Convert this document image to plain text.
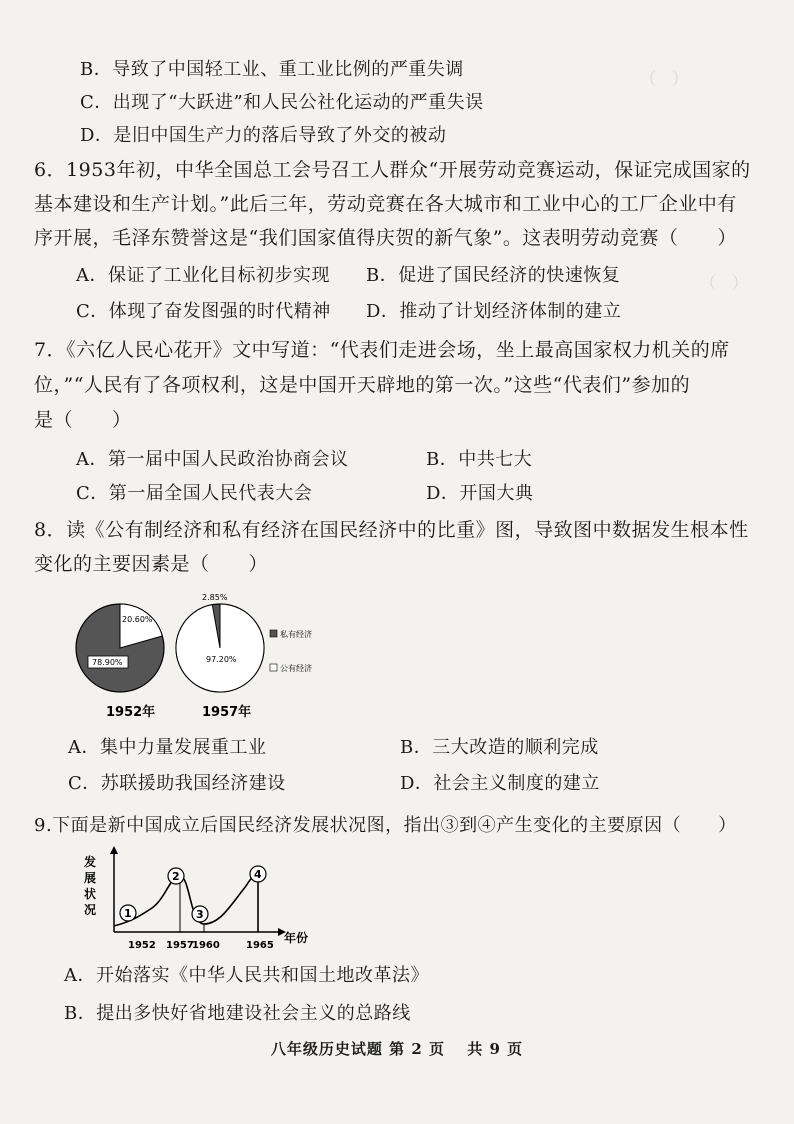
（　）
（　）
B．导致了中国轻工业、重工业比例的严重失调
C．出现了“大跃进”和人民公社化运动的严重失误
D．是旧中国生产力的落后导致了外交的被动
6．1953年初，中华全国总工会号召工人群众“开展劳动竞赛运动，保证完成国家的
基本建设和生产计划。”此后三年，劳动竞赛在各大城市和工业中心的工厂企业中有
序开展，毛泽东赞誉这是“我们国家值得庆贺的新气象”。这表明劳动竞赛（　　）
A．保证了工业化目标初步实现 B．促进了国民经济的快速恢复
C．体现了奋发图强的时代精神 D．推动了计划经济体制的建立
7．《六亿人民心花开》文中写道：“代表们走进会场，坐上最高国家权力机关的席
位，”“人民有了各项权利，这是中国开天辟地的第一次。”这些“代表们”参加的
是（　　）
A．第一届中国人民政治协商会议	B．中共七大
C．第一届全国人民代表大会	D．开国大典
8．读《公有制经济和私有经济在国民经济中的比重》图，导致图中数据发生根本性
变化的主要因素是（　　）
1952年	1957年
20.60%
78.90%
2.85%
97.20%
私有经济
公有经济
A．集中力量发展重工业	B．三大改造的顺利完成
C．苏联援助我国经济建设	D．社会主义制度的建立
9.下面是新中国成立后国民经济发展状况图，指出③到④产生变化的主要原因（　　）
发 展 状 况
年份
1
2
3
4
1952 1957
1960	1965
A．开始落实《中华人民共和国土地改革法》
B．提出多快好省地建设社会主义的总路线
八年级历史试题 第 2 页　 共 9 页
